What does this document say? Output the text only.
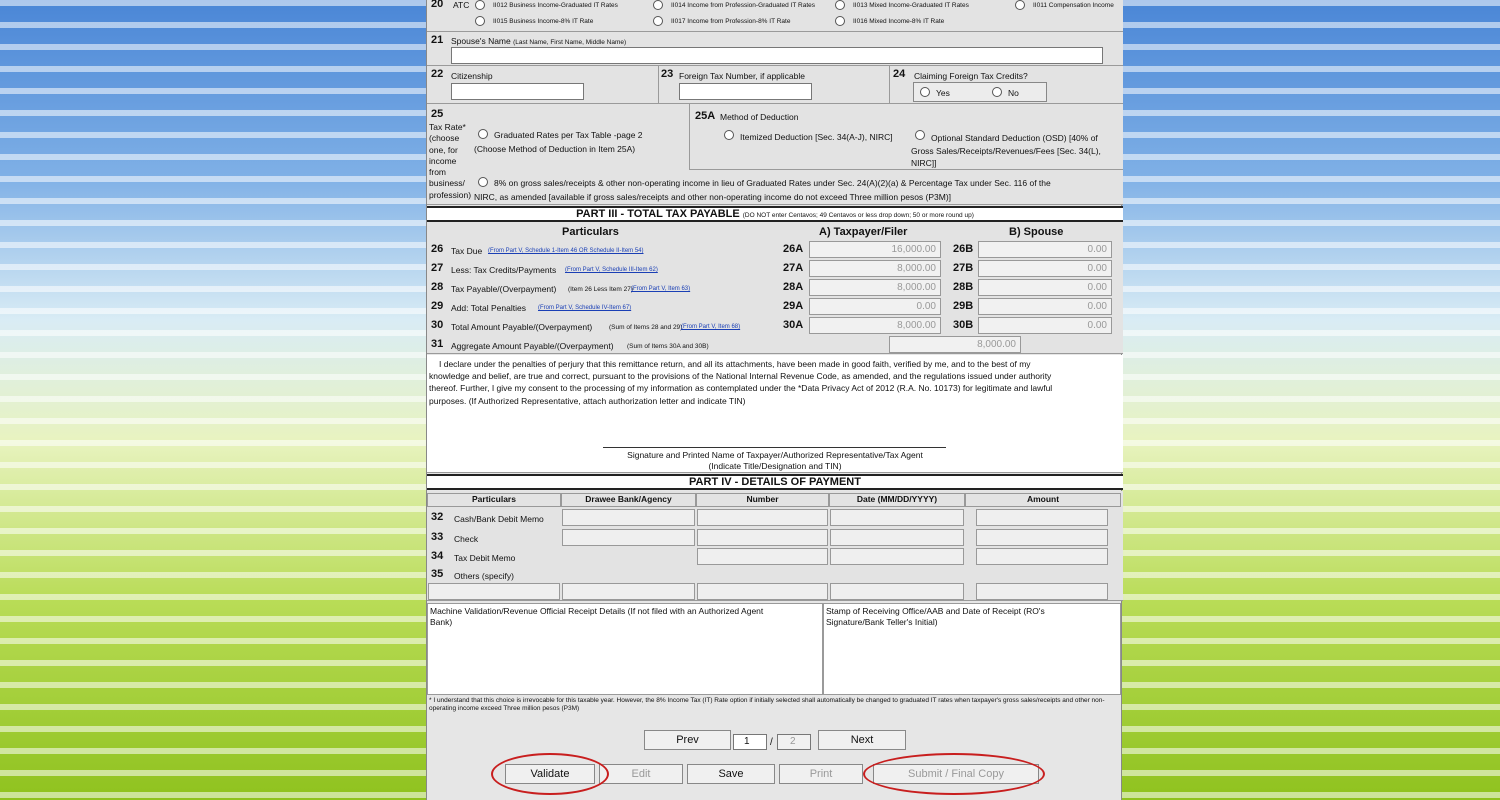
20 ATC	II012 Business Income-Graduated IT Rates	II014 Income from Profession-Graduated IT Rates	II013 Mixed Income-Graduated IT Rates	II011 Compensation Income
II015 Business Income-8% IT Rate	II017 Income from Profession-8% IT Rate	II016 Mixed Income-8% IT Rate
21 Spouse's Name (Last Name, First Name, Middle Name)
22 Citizenship	23 Foreign Tax Number, if applicable	24 Claiming Foreign Tax Credits?
Yes	No
25
Tax Rate*
(choose
one, for
income
from
business/
profession)
Graduated Rates per Tax Table -page 2
(Choose Method of Deduction in Item 25A)
25A Method of Deduction
Itemized Deduction [Sec. 34(A-J), NIRC]	Optional Standard Deduction (OSD) [40% of
Gross Sales/Receipts/Revenues/Fees [Sec. 34(L),
NIRC]]
8% on gross sales/receipts & other non-operating income in lieu of Graduated Rates under Sec. 24(A)(2)(a) & Percentage Tax under Sec. 116 of the
NIRC, as amended [available if gross sales/receipts and other non-operating income do not exceed Three million pesos (P3M)]
PART III - TOTAL TAX PAYABLE (DO NOT enter Centavos; 49 Centavos or less drop down; 50 or more round up)
Particulars	A) Taxpayer/Filer	B) Spouse
26 Tax Due (From Part V, Schedule 1-Item 46 OR Schedule II-Item 54)	26A	16,000.00	26B	0.00
27 Less: Tax Credits/Payments (From Part V, Schedule III-Item 62)	27A	8,000.00	27B	0.00
28 Tax Payable/(Overpayment) (Item 26 Less Item 27)
(From Part V, Item 63)	28A	8,000.00	28B	0.00
29 Add: Total Penalties (From Part V, Schedule IV-Item 67)	29A	0.00	29B	0.00
30 Total Amount Payable/(Overpayment)	(Sum of Items 28 and 29)
(From Part V, Item 68)	30A	8,000.00	30B	0.00
31 Aggregate Amount Payable/(Overpayment) (Sum of Items 30A and 30B)	8,000.00
I declare under the penalties of perjury that this remittance return, and all its attachments, have been made in good faith, verified by me, and to the best of my
knowledge and belief, are true and correct, pursuant to the provisions of the National Internal Revenue Code, as amended, and the regulations issued under authority
thereof. Further, I give my consent to the processing of my information as contemplated under the *Data Privacy Act of 2012 (R.A. No. 10173) for legitimate and lawful
purposes. (If Authorized Representative, attach authorization letter and indicate TIN)
Signature and Printed Name of Taxpayer/Authorized Representative/Tax Agent
(Indicate Title/Designation and TIN)
PART IV - DETAILS OF PAYMENT
Particulars	Drawee Bank/Agency	Number	Date (MM/DD/YYYY)	Amount
32 Cash/Bank Debit Memo
33 Check
34 Tax Debit Memo
35 Others (specify)
Machine Validation/Revenue Official Receipt Details (If not filed with an Authorized Agent
Bank)
Stamp of Receiving Office/AAB and Date of Receipt (RO's
Signature/Bank Teller's Initial)
* I understand that this choice is irrevocable for this taxable year. However, the 8% Income Tax (IT) Rate option if initially selected shall automatically be changed to graduated IT rates when taxpayer's gross sales/receipts and other non-
operating income exceed Three million pesos (P3M)
Prev	1	/	2	Next
Validate	Edit	Save	Print	Submit / Final Copy
